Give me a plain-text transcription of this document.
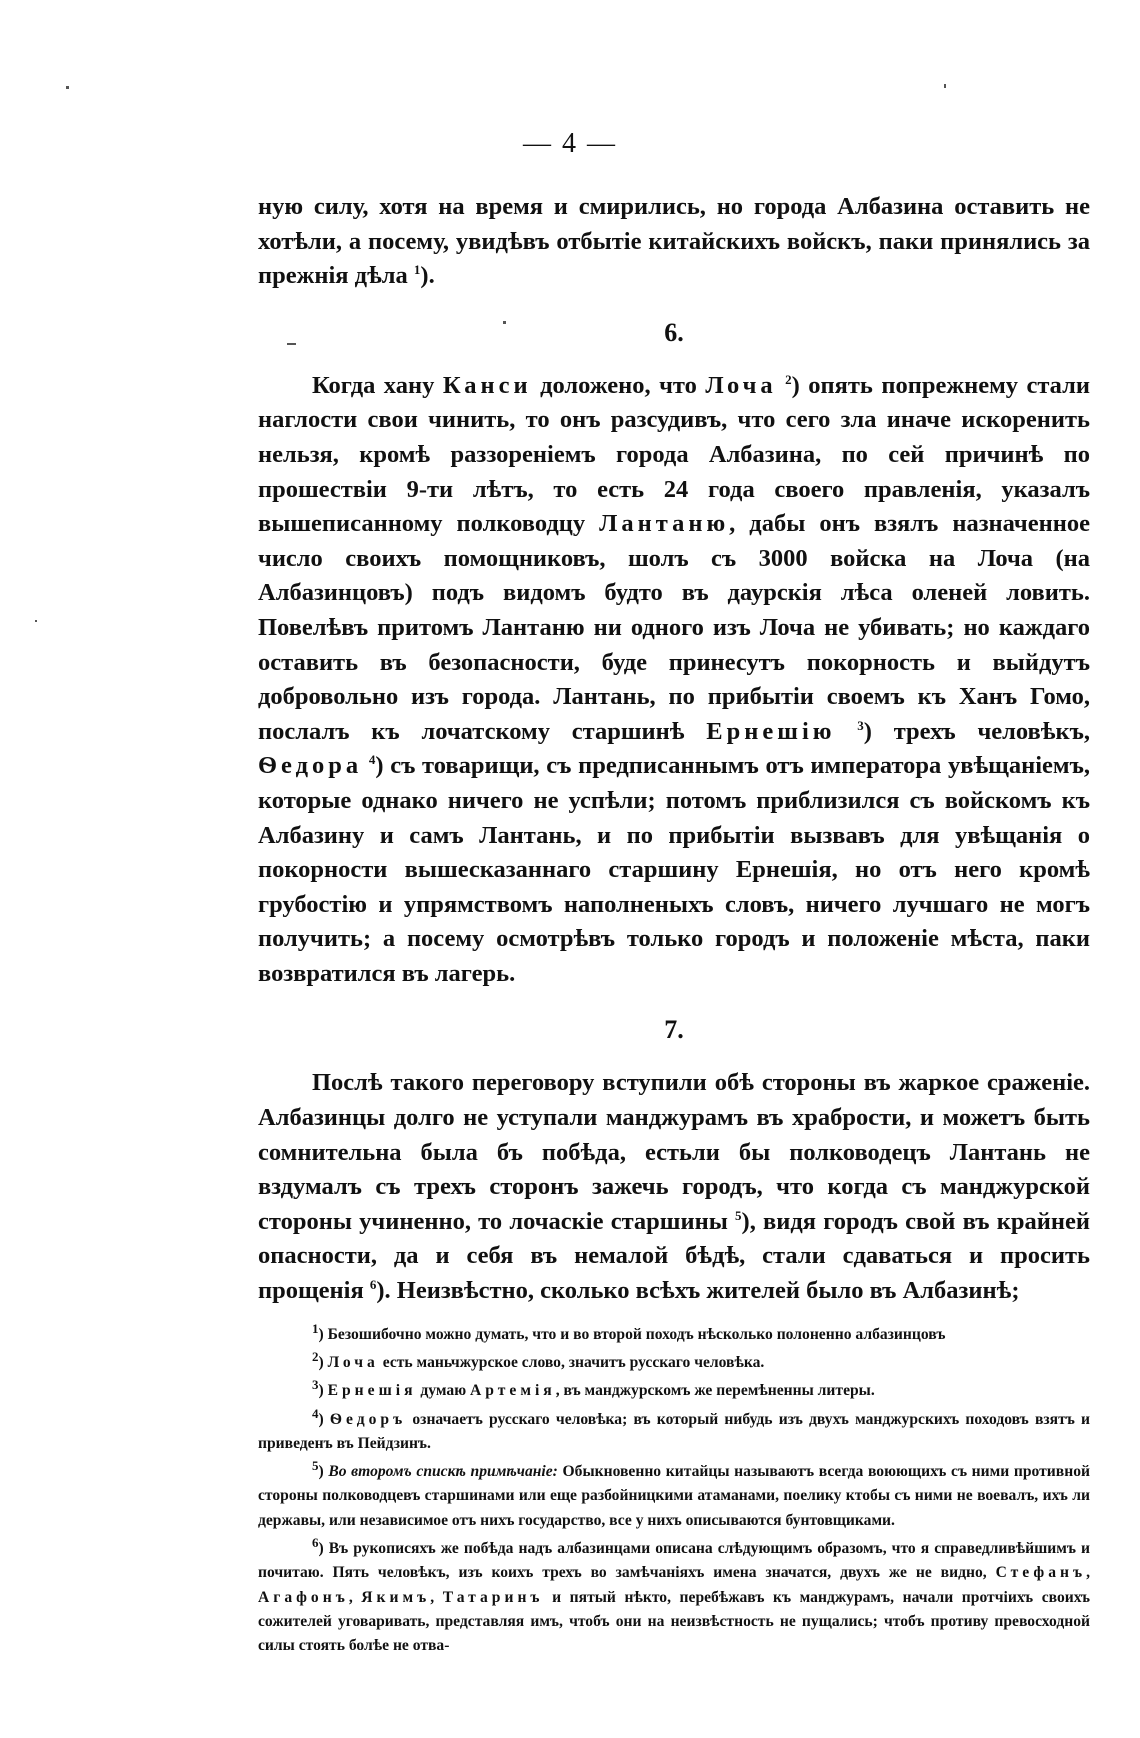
— 4 —

ную силу, хотя на время и смирились, но города Албазина оставить не хотѣли, а посему, увидѣвъ отбытіе китайскихъ войскъ, паки принялись за прежнія дѣла $^1$).

6.

Когда хану Канси доложено, что Лоча $^2$) опять попрежнему стали наглости свои чинить, то онъ разсудивъ, что сего зла иначе искоренить нельзя, кромѣ раззореніемъ города Албазина, по сей причинѣ по прошествіи 9-ти лѣтъ, то есть 24 года своего правленія, указалъ вышеписанному полководцу Лантаню, дабы онъ взялъ назначенное число своихъ помощниковъ, шолъ съ 3000 войска на Лоча (на Албазинцовъ) подъ видомъ будто въ даурскія лѣса оленей ловить. Повелѣвъ притомъ Лантаню ни одного изъ Лоча не убивать; но каждаго оставить въ безопасности, буде принесутъ покорность и выйдутъ добровольно изъ города. Лантань, по прибытіи своемъ къ Ханъ Гомо, послалъ къ лочатскому старшинѣ Ернешію $^3$) трехъ человѣкъ, Ѳедора $^4$) съ товарищи, съ предписаннымъ отъ императора увѣщаніемъ, которые однако ничего не успѣли; потомъ приблизился съ войскомъ къ Албазину и самъ Лантань, и по прибытіи вызвавъ для увѣщанія о покорности вышесказаннаго старшину Ернешія, но отъ него кромѣ грубостію и упрямствомъ наполненыхъ словъ, ничего лучшаго не могъ получить; а посему осмотрѣвъ только городъ и положеніе мѣста, паки возвратился въ лагерь.

7.

Послѣ такого переговору вступили обѣ стороны въ жаркое сраженіе. Албазинцы долго не уступали манджурамъ въ храбрости, и можетъ быть сомнительна была бъ побѣда, естьли бы полководецъ Лантань не вздумалъ съ трехъ сторонъ зажечь городъ, что когда съ манджурской стороны учиненно, то лочаскіе старшины $^5$), видя городъ свой въ крайней опасности, да и себя въ немалой бѣдѣ, стали сдаваться и просить прощенія $^6$). Неизвѣстно, сколько всѣхъ жителей было въ Албазинѣ;

$^1$) Безошибочно можно думать, что и во второй походъ нѣсколько полоненно албазинцовъ

$^2$) Лоча есть маньчжурское слово, значитъ русскаго человѣка.

$^3$) Ернешія думаю Артемія, въ манджурскомъ же перемѣненны литеры.

$^4$) Ѳедоръ означаетъ русскаго человѣка; въ который нибудь изъ двухъ манджурскихъ походовъ взятъ и приведенъ въ Пейдзинъ.

$^5$) Во второмъ спискѣ примѣчаніе: Обыкновенно китайцы называютъ всегда воюющихъ съ ними противной стороны полководцевъ старшинами или еще разбойницкими атаманами, поелику ктобы съ ними не воевалъ, ихъ ли державы, или независимое отъ нихъ государство, все у нихъ описываются бунтовщиками.

$^6$) Въ рукописяхъ же побѣда надъ албазинцами описана слѣдующимъ образомъ, что я справедливѣйшимъ и почитаю. Пять человѣкъ, изъ коихъ трехъ во замѣчаніяхъ имена значатся, двухъ же не видно, Стефанъ, Агафонъ, Якимъ, Татаринъ и пятый нѣкто, перебѣжавъ къ манджурамъ, начали протчіихъ своихъ сожителей уговаривать, представляя имъ, чтобъ они на неизвѣстность не пущались; чтобъ противу превосходной силы стоять болѣе не отва-
